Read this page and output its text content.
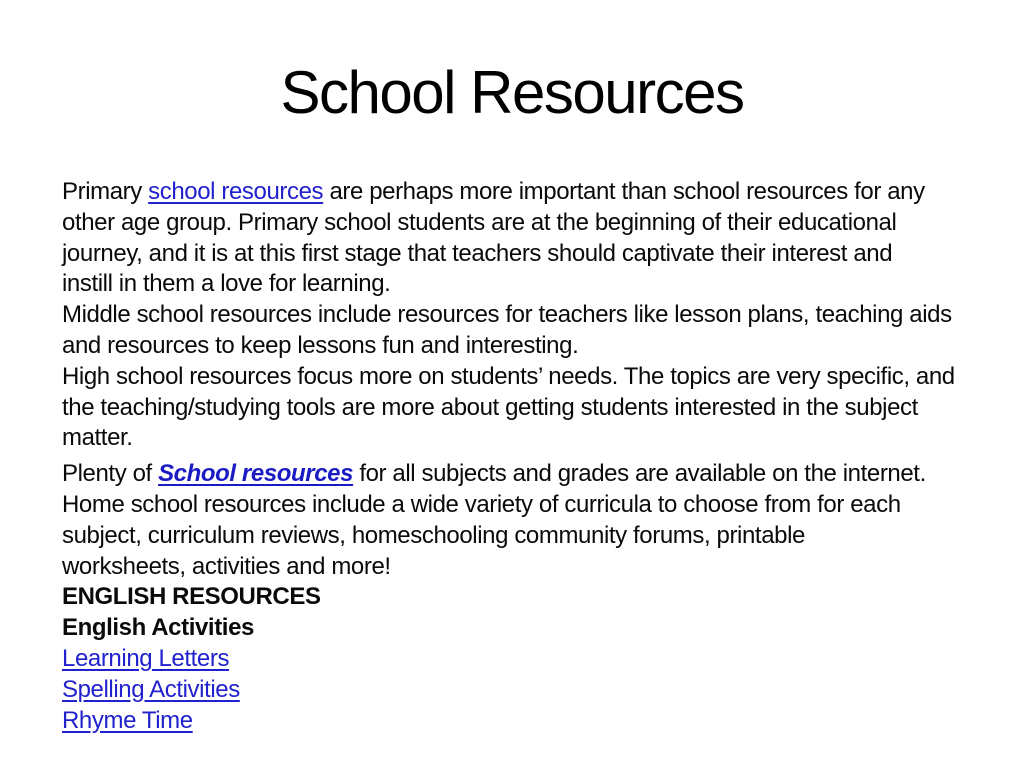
School Resources
Primary school resources are perhaps more important than school resources for any
other age group. Primary school students are at the beginning of their educational
journey, and it is at this first stage that teachers should captivate their interest and
instill in them a love for learning.
Middle school resources include resources for teachers like lesson plans, teaching aids
and resources to keep lessons fun and interesting.
High school resources focus more on students’ needs. The topics are very specific, and
the teaching/studying tools are more about getting students interested in the subject
matter.
Plenty of School resources for all subjects and grades are available on the internet.
Home school resources include a wide variety of curricula to choose from for each
subject, curriculum reviews, homeschooling community forums, printable
worksheets, activities and more!
ENGLISH RESOURCES
English Activities
Learning Letters
Spelling Activities
Rhyme Time
